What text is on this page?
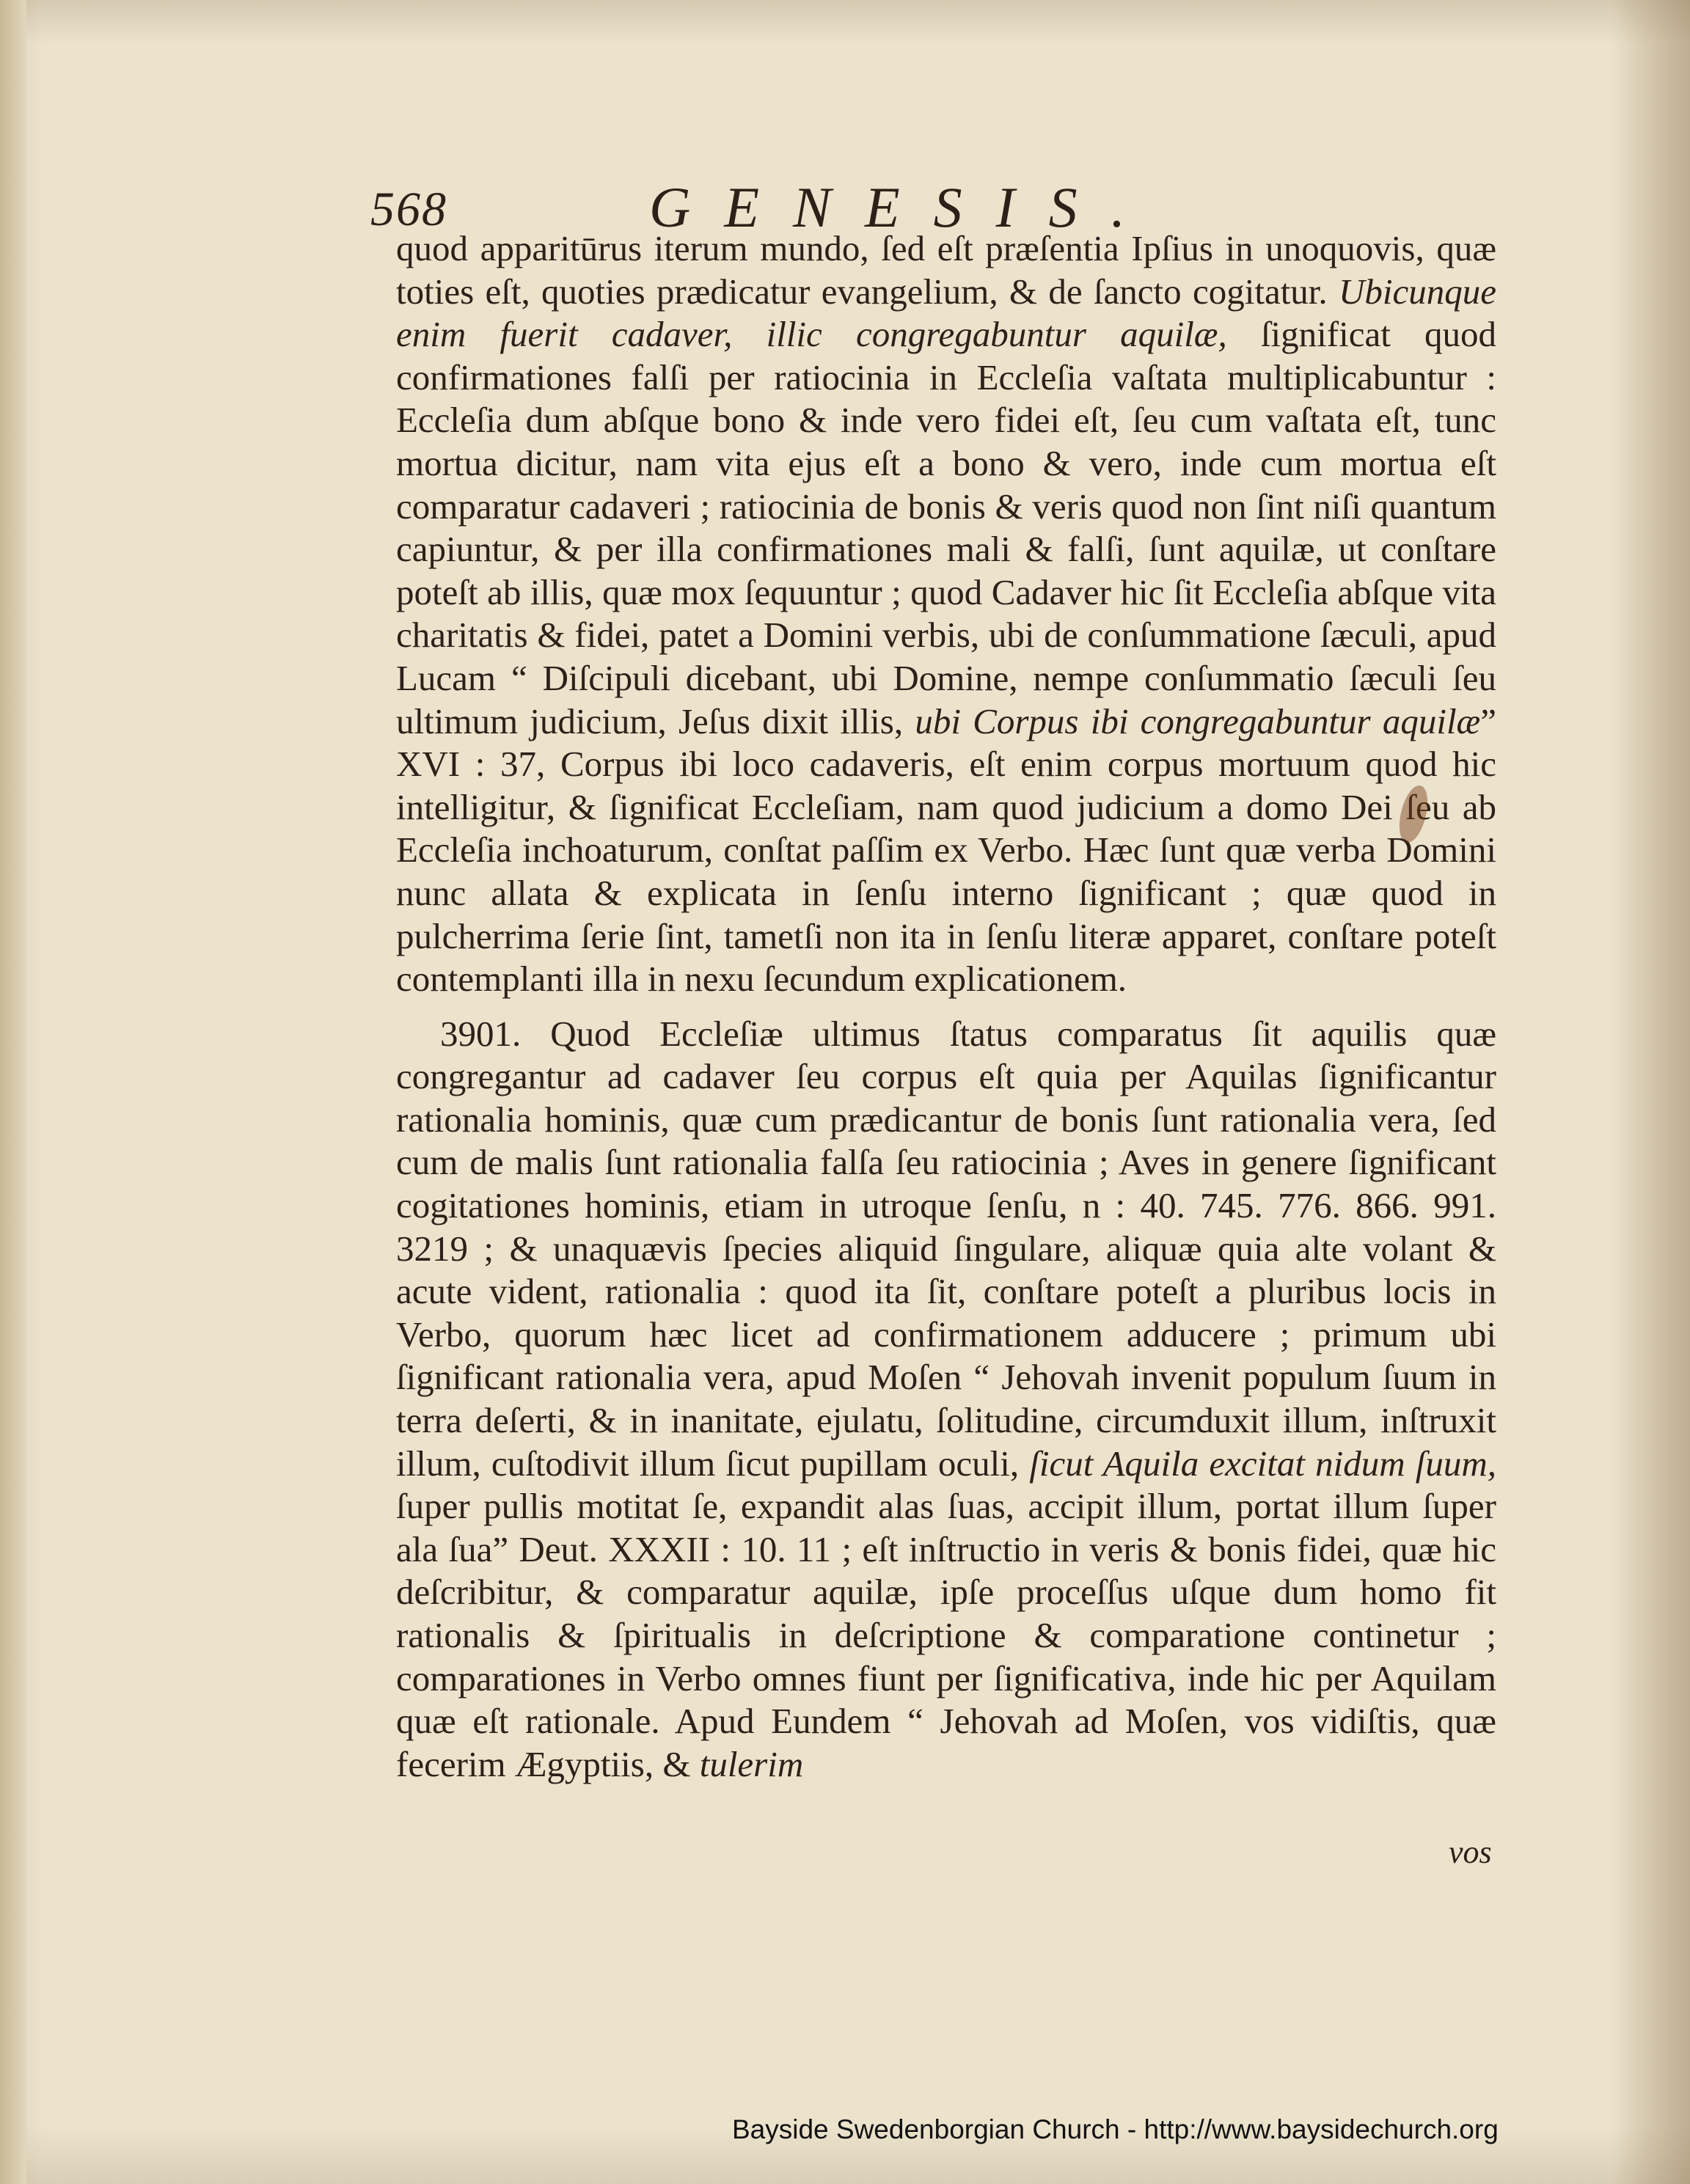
568	GENESIS.

quod apparitūrus iterum mundo, ſed eſt præſentia Ipſius in unoquovis, quæ toties eſt, quoties prædicatur evangelium, & de ſancto cogitatur. Ubicunque enim fuerit cadaver, illic congregabuntur aquilæ, ſignificat quod confirmationes falſi per ratiocinia in Eccleſia vaſtata multiplicabuntur : Eccleſia dum abſque bono & inde vero fidei eſt, ſeu cum vaſtata eſt, tunc mortua dicitur, nam vita ejus eſt a bono & vero, inde cum mortua eſt comparatur cadaveri ; ratiocinia de bonis & veris quod non ſint niſi quantum capiuntur, & per illa confirmationes mali & falſi, ſunt aquilæ, ut conſtare poteſt ab illis, quæ mox ſequuntur ; quod Cadaver hic ſit Eccleſia abſque vita charitatis & fidei, patet a Domini verbis, ubi de conſummatione ſæculi, apud Lucam “ Diſcipuli dicebant, ubi Domine, nempe conſummatio ſæculi ſeu ultimum judicium, Jeſus dixit illis, ubi Corpus ibi congregabuntur aquilæ” XVI : 37, Corpus ibi loco cadaveris, eſt enim corpus mortuum quod hic intelligitur, & ſignificat Eccleſiam, nam quod judicium a domo Dei ſeu ab Eccleſia inchoaturum, conſtat paſſim ex Verbo. Hæc ſunt quæ verba Domini nunc allata & explicata in ſenſu interno ſignificant ; quæ quod in pulcherrima ſerie ſint, tametſi non ita in ſenſu literæ apparet, conſtare poteſt contemplanti illa in nexu ſecundum explicationem.

3901. Quod Eccleſiæ ultimus ſtatus comparatus ſit aquilis quæ congregantur ad cadaver ſeu corpus eſt quia per Aquilas ſignificantur rationalia hominis, quæ cum prædicantur de bonis ſunt rationalia vera, ſed cum de malis ſunt rationalia falſa ſeu ratiocinia ; Aves in genere ſignificant cogitationes hominis, etiam in utroque ſenſu, n : 40. 745. 776. 866. 991. 3219 ; & unaquævis ſpecies aliquid ſingulare, aliquæ quia alte volant & acute vident, rationalia : quod ita ſit, conſtare poteſt a pluribus locis in Verbo, quorum hæc licet ad confirmationem adducere ; primum ubi ſignificant rationalia vera, apud Moſen “ Jehovah invenit populum ſuum in terra deſerti, & in inanitate, ejulatu, ſolitudine, circumduxit illum, inſtruxit illum, cuſtodivit illum ſicut pupillam oculi, ſicut Aquila excitat nidum ſuum, ſuper pullis motitat ſe, expandit alas ſuas, accipit illum, portat illum ſuper ala ſua” Deut. XXXII : 10. 11 ; eſt inſtructio in veris & bonis fidei, quæ hic deſcribitur, & comparatur aquilæ, ipſe proceſſus uſque dum homo fit rationalis & ſpiritualis in deſcriptione & comparatione continetur ; comparationes in Verbo omnes fiunt per ſignificativa, inde hic per Aquilam quæ eſt rationale. Apud Eundem “ Jehovah ad Moſen, vos vidiſtis, quæ fecerim Ægyptiis, & tulerim

vos
Bayside Swedenborgian Church - http://www.baysidechurch.org
